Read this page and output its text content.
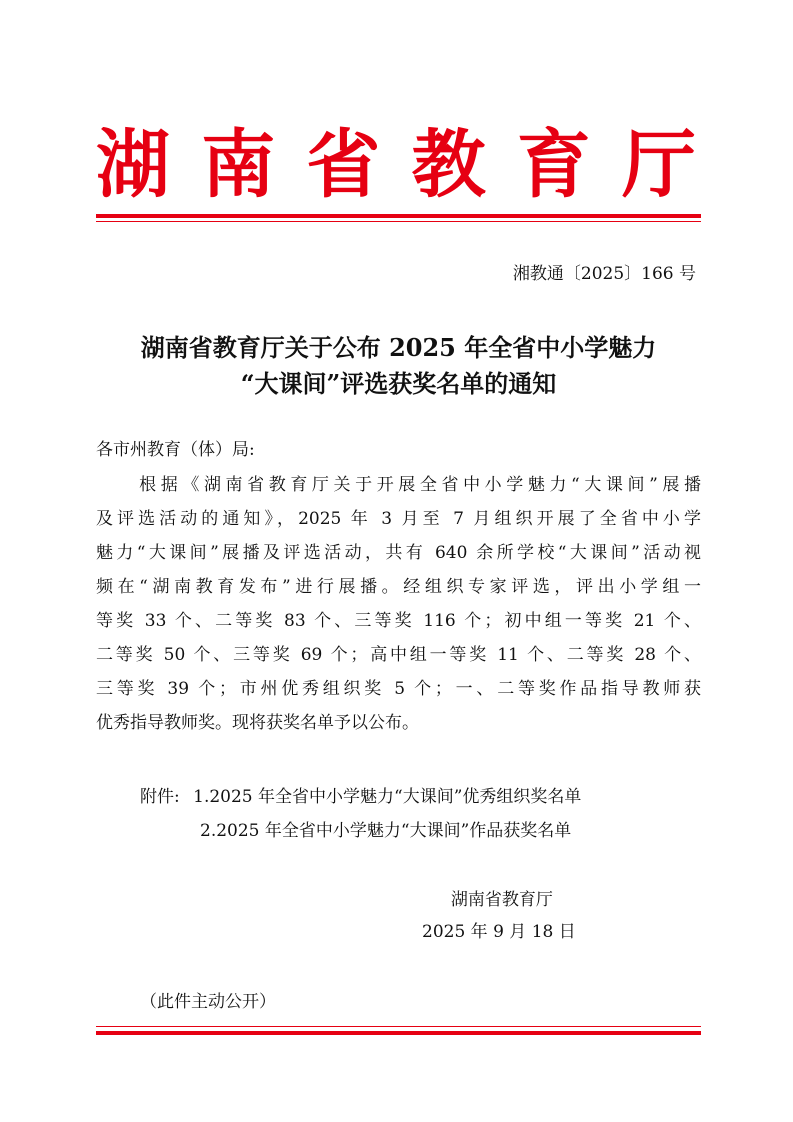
湖 南 省 教 育 厅
湘教通〔2025〕166 号
湖南省教育厅关于公布 2025 年全省中小学魅力
“大课间”评选获奖名单的通知
各市州教育（体）局:
　　根据《湖南省教育厅关于开展全省中小学魅力“大课间”展播
及评选活动的通知》，2025 年 3 月至 7 月组织开展了全省中小学
魅力“大课间”展播及评选活动，共有 640 余所学校“大课间”活动视
频在“湖南教育发布”进行展播。经组织专家评选，评出小学组一
等奖 33 个、二等奖 83 个、三等奖 116 个；初中组一等奖 21 个、
二等奖 50 个、三等奖 69 个；高中组一等奖 11 个、二等奖 28 个、
三等奖 39 个；市州优秀组织奖 5 个；一、二等奖作品指导教师获
优秀指导教师奖。现将获奖名单予以公布。
附件: 1.2025 年全省中小学魅力“大课间”优秀组织奖名单
2.2025 年全省中小学魅力“大课间”作品获奖名单
湖南省教育厅
2025 年 9 月 18 日
（此件主动公开）
